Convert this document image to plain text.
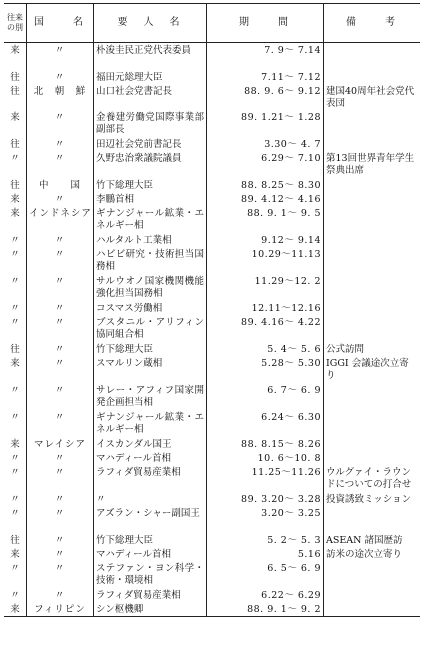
往来の別	国　　名	要　人　名	期　　間	備　　考
来	〃	朴浚圭民正党代表委員	7. 9～ 7.14	
往	〃	福田元総理大臣	7.11～ 7.12	
往	北　朝　鮮	山口社会党書記長	88. 9. 6～ 9.12	建国40周年社会党代表団
来	〃	金養建労働党国際事業部副部長	89. 1.21～ 1.28	
往	〃	田辺社会党前書記長	3.30～ 4. 7	
〃	〃	久野忠治衆議院議員	6.29～ 7.10	第13回世界青年学生祭典出席
往	中　　国	竹下総理大臣	88. 8.25～ 8.30	
来	〃	李鵬首相	89. 4.12～ 4.16	
来	インドネシア	ギナンジャール鉱業・エネルギー相	88. 9. 1～ 9. 5	
〃	〃	ハルタルト工業相	9.12～ 9.14	
〃	〃	ハビビ研究・技術担当国務相	10.29～11.13	
〃	〃	サルウオノ国家機関機能強化担当国務相	11.29～12. 2	
〃	〃	コスマス労働相	12.11～12.16	
〃	〃	ブスタニル・アリフィン協同組合相	89. 4.16～ 4.22	
往	〃	竹下総理大臣	5. 4～ 5. 6	公式訪問
来	〃	スマルリン蔵相	5.28～ 5.30	IGGI 会議途次立寄り
〃	〃	サレー・アフィフ国家開発企画担当相	6. 7～ 6. 9	
〃	〃	ギナンジャール鉱業・エネルギー相	6.24～ 6.30	
来	マレイシア	イスカンダル国王	88. 8.15～ 8.26	
〃	〃	マハディール首相	10. 6～10. 8	
〃	〃	ラフィダ貿易産業相	11.25～11.26	ウルグァイ・ラウンドについての打合せ
〃	〃	〃	89. 3.20～ 3.28	投資誘致ミッション
〃	〃	アズラン・シャー副国王	3.20～ 3.25	
往	〃	竹下総理大臣	5. 2～ 5. 3	ASEAN 諸国歴訪
来	〃	マハディール首相	5.16	訪米の途次立寄り
〃	〃	ステファン・ヨン科学・技術・環境相	6. 5～ 6. 9	
〃	〃	ラフィダ貿易産業相	6.22～ 6.29	
来	フィリピン	シン枢機卿	88. 9. 1～ 9. 2	
